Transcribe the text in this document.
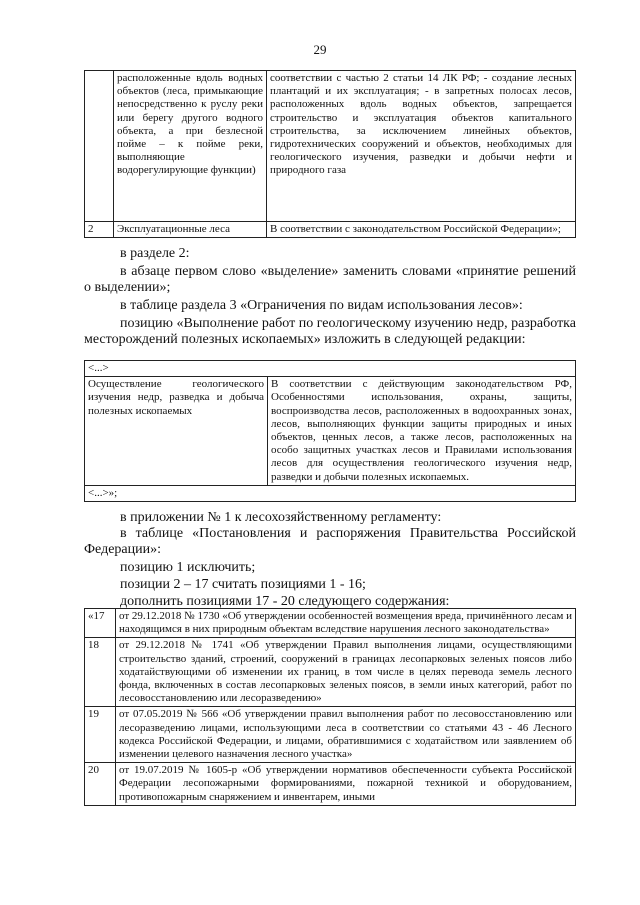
29
	расположенные вдоль водных объектов (леса, примыкающие непосредственно к руслу реки или берегу другого водного объекта, а при безлесной пойме – к пойме реки, выполняющие водорегулирующие функции)	соответствии с частью 2 статьи 14 ЛК РФ; - создание лесных плантаций и их эксплуатация; - в запретных полосах лесов, расположенных вдоль водных объектов, запрещается строительство и эксплуатация объектов капитального строительства, за исключением линейных объектов, гидротехнических сооружений и объектов, необходимых для геологического изучения, разведки и добычи нефти и природного газа
2	Эксплуатационные леса	В соответствии с законодательством Российской Федерации»;
в разделе 2:
в абзаце первом слово «выделение» заменить словами «принятие решений о выделении»;
в таблице раздела 3 «Ограничения по видам использования лесов»:
позицию «Выполнение работ по геологическому изучению недр, разработка месторождений полезных ископаемых» изложить в следующей редакции:
<...>
Осуществление геологического изучения недр, разведка и добыча полезных ископаемых	В соответствии с действующим законодательством РФ, Особенностями использования, охраны, защиты, воспроизводства лесов, расположенных в водоохранных зонах, лесов, выполняющих функции защиты природных и иных объектов, ценных лесов, а также лесов, расположенных на особо защитных участках лесов и Правилами использования лесов для осуществления геологического изучения недр, разведки и добычи полезных ископаемых.
<...>»;
в приложении № 1 к лесохозяйственному регламенту:
в таблице «Постановления и распоряжения Правительства Российской Федерации»:
позицию 1 исключить;
позиции 2 – 17 считать позициями 1 - 16;
дополнить позициями 17 - 20 следующего содержания:
«17	от 29.12.2018 № 1730 «Об утверждении особенностей возмещения вреда, причинённого лесам и находящимся в них природным объектам вследствие нарушения лесного законодательства»
18	от 29.12.2018 № 1741 «Об утверждении Правил выполнения лицами, осуществляющими строительство зданий, строений, сооружений в границах лесопарковых зеленых поясов либо ходатайствующими об изменении их границ, в том числе в целях перевода земель лесного фонда, включенных в состав лесопарковых зеленых поясов, в земли иных категорий, работ по лесовосстановлению или лесоразведению»
19	от 07.05.2019 № 566 «Об утверждении правил выполнения работ по лесовосстановлению или лесоразведению лицами, использующими леса в соответствии со статьями 43 - 46 Лесного кодекса Российской Федерации, и лицами, обратившимися с ходатайством или заявлением об изменении целевого назначения лесного участка»
20	от 19.07.2019 № 1605-р «Об утверждении нормативов обеспеченности субъекта Российской Федерации лесопожарными формированиями, пожарной техникой и оборудованием, противопожарным снаряжением и инвентарем, иными
